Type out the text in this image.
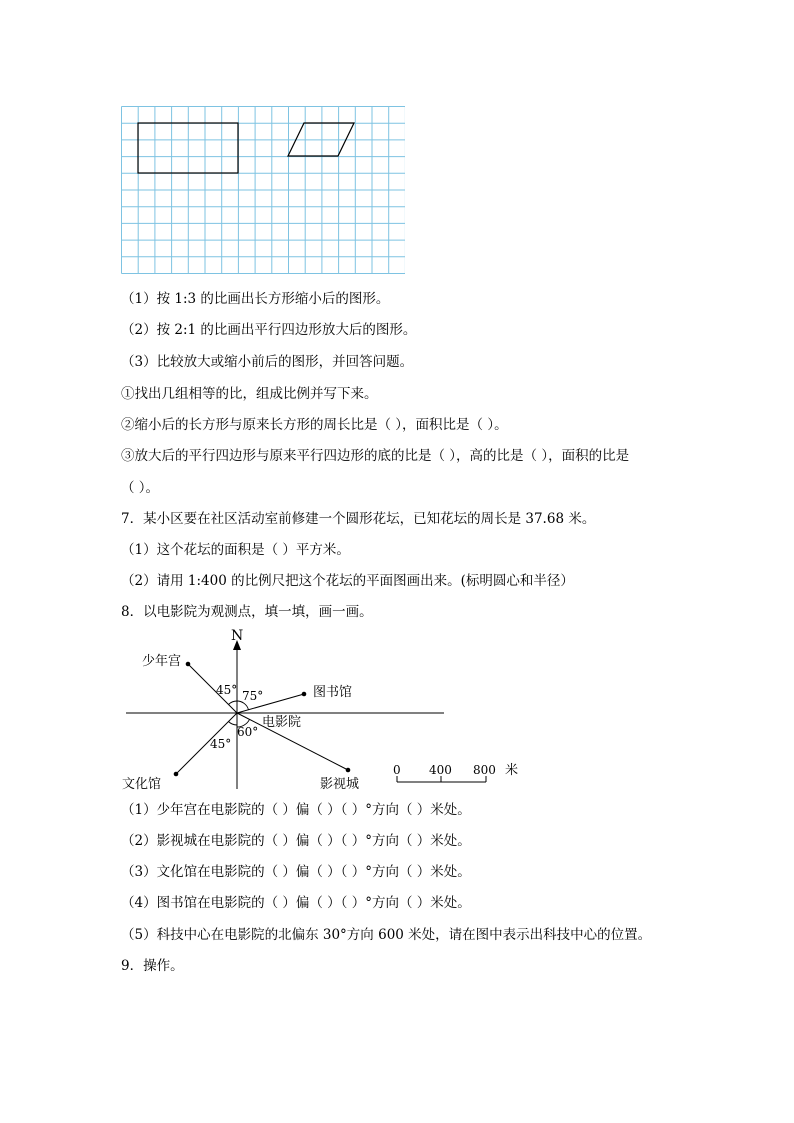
（1）按 1:3 的比画出长方形缩小后的图形。
（2）按 2:1 的比画出平行四边形放大后的图形。
（3）比较放大或缩小前后的图形，并回答问题。
①找出几组相等的比，组成比例并写下来。
②缩小后的长方形与原来长方形的周长比是（ ），面积比是（ ）。
③放大后的平行四边形与原来平行四边形的底的比是（ ），高的比是（ ），面积的比是
（ ）。
7．某小区要在社区活动室前修建一个圆形花坛，已知花坛的周长是 37.68 米。
（1）这个花坛的面积是（ ）平方米。
（2）请用 1:400 的比例尺把这个花坛的平面图画出来。(标明圆心和半径）
8．以电影院为观测点，填一填，画一画。
N
少年宫
图书馆
文化馆	影视城
电影院
45° 75°
60°
45°
0 400 800 米
（1）少年宫在电影院的（ ）偏（ ）（ ）°方向（ ）米处。
（2）影视城在电影院的（ ）偏（ ）（ ）°方向（ ）米处。
（3）文化馆在电影院的（ ）偏（ ）（ ）°方向（ ）米处。
（4）图书馆在电影院的（ ）偏（ ）（ ）°方向（ ）米处。
（5）科技中心在电影院的北偏东 30°方向 600 米处，请在图中表示出科技中心的位置。
9．操作。
